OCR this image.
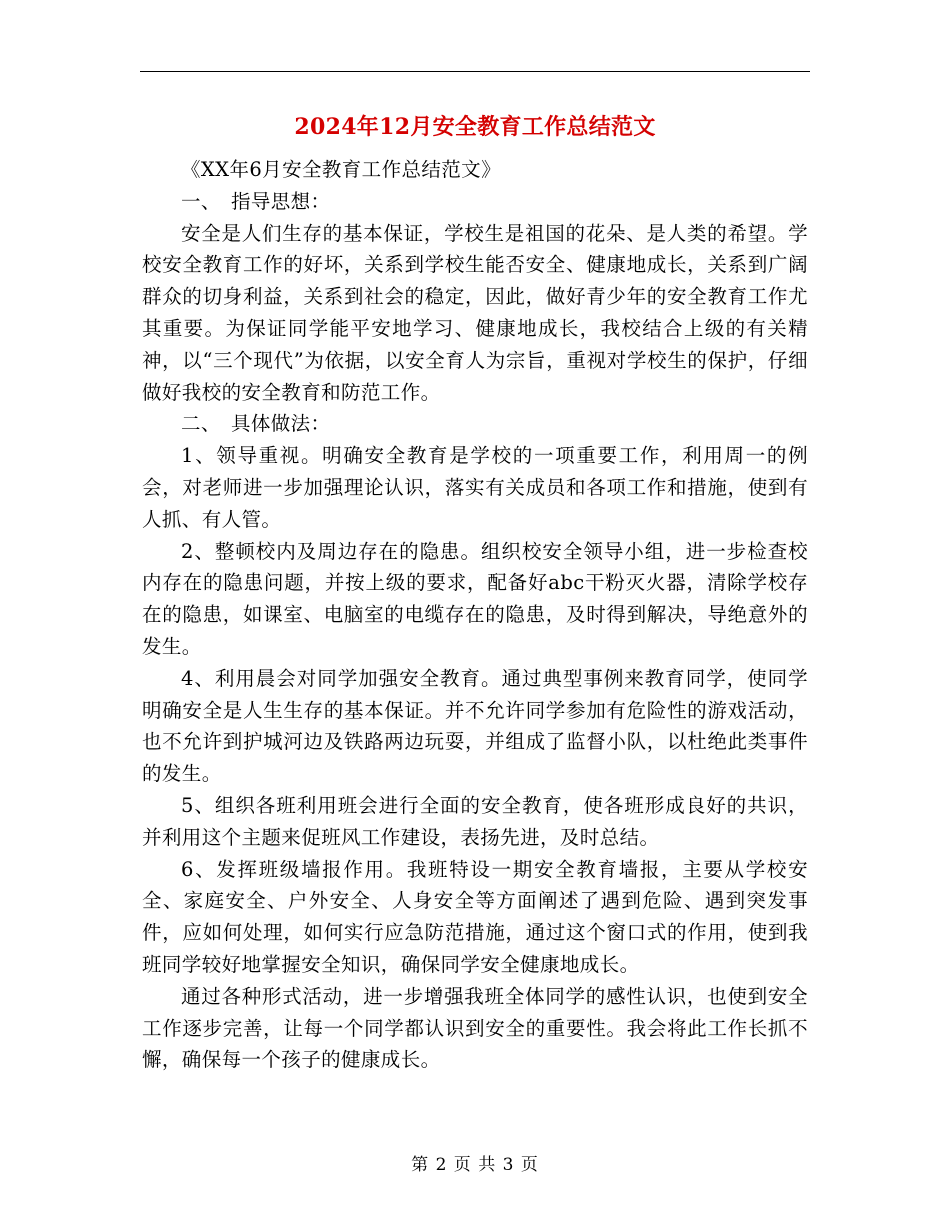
2024年12月安全教育工作总结范文

《XX年6月安全教育工作总结范文》

一、　指导思想：

安全是人们生存的基本保证，学校生是祖国的花朵、是人类的希望。学校安全教育工作的好坏，关系到学校生能否安全、健康地成长，关系到广阔群众的切身利益，关系到社会的稳定，因此，做好青少年的安全教育工作尤其重要。为保证同学能平安地学习、健康地成长，我校结合上级的有关精神，以“三个现代”为依据，以安全育人为宗旨，重视对学校生的保护，仔细做好我校的安全教育和防范工作。

二、　具体做法：

1、领导重视。明确安全教育是学校的一项重要工作，利用周一的例会，对老师进一步加强理论认识，落实有关成员和各项工作和措施，使到有人抓、有人管。

2、整顿校内及周边存在的隐患。组织校安全领导小组，进一步检查校内存在的隐患问题，并按上级的要求，配备好abc干粉灭火器，清除学校存在的隐患，如课室、电脑室的电缆存在的隐患，及时得到解决，导绝意外的发生。

4、利用晨会对同学加强安全教育。通过典型事例来教育同学，使同学明确安全是人生生存的基本保证。并不允许同学参加有危险性的游戏活动，也不允许到护城河边及铁路两边玩耍，并组成了监督小队，以杜绝此类事件的发生。

5、组织各班利用班会进行全面的安全教育，使各班形成良好的共识，并利用这个主题来促班风工作建设，表扬先进，及时总结。

6、发挥班级墙报作用。我班特设一期安全教育墙报，主要从学校安全、家庭安全、户外安全、人身安全等方面阐述了遇到危险、遇到突发事件，应如何处理，如何实行应急防范措施，通过这个窗口式的作用，使到我班同学较好地掌握安全知识，确保同学安全健康地成长。

通过各种形式活动，进一步增强我班全体同学的感性认识，也使到安全工作逐步完善，让每一个同学都认识到安全的重要性。我会将此工作长抓不懈，确保每一个孩子的健康成长。

第 2 页 共 3 页
